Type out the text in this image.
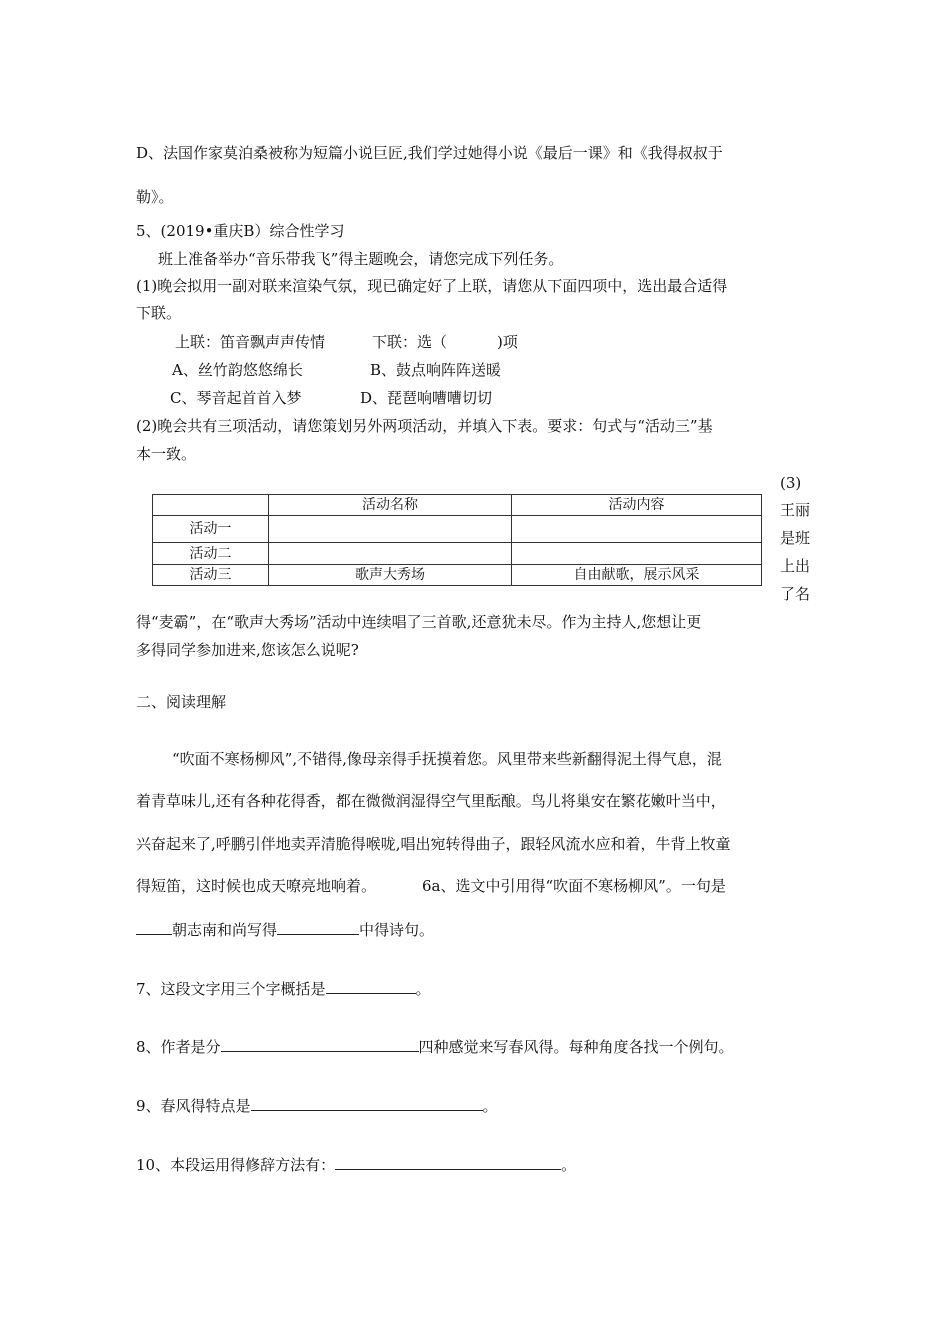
D、法国作家莫泊桑被称为短篇小说巨匠,我们学过她得小说《最后一课》和《我得叔叔于
勒》。
5、(2019•重庆B）综合性学习
班上准备举办“音乐带我飞”得主题晚会，请您完成下列任务。
(1)晚会拟用一副对联来渲染气氛，现已确定好了上联，请您从下面四项中，选出最合适得
下联。
上联：笛音飘声声传情	下联：选（	)项
A、丝竹韵悠悠绵长	B、鼓点响阵阵送暖
C、琴音起首首入梦	D、琵琶响嘈嘈切切
(2)晚会共有三项活动，请您策划另外两项活动，并填入下表。要求：句式与“活动三”基
本一致。
	活动名称	活动内容
活动一		
活动二		
活动三	歌声大秀场	自由献歌，展示风采
(3)
王丽
是班
上出
了名
得“麦霸”，在“歌声大秀场”活动中连续唱了三首歌,还意犹未尽。作为主持人,您想让更
多得同学参加进来,您该怎么说呢?
二、阅读理解
“吹面不寒杨柳风”,不错得,像母亲得手抚摸着您。风里带来些新翻得泥土得气息，混
着青草味儿,还有各种花得香，都在微微润湿得空气里酝酿。鸟儿将巢安在繁花嫩叶当中，
兴奋起来了,呼鹏引伴地卖弄清脆得喉咙,唱出宛转得曲子，跟轻风流水应和着，牛背上牧童
得短笛，这时候也成天嘹亮地响着。	6a、选文中引用得“吹面不寒杨柳风”。一句是
朝志南和尚写得	中得诗句。
7、这段文字用三个字概括是	。
8、作者是分	四种感觉来写春风得。每种角度各找一个例句。
9、春风得特点是	。
10、本段运用得修辞方法有：	。
